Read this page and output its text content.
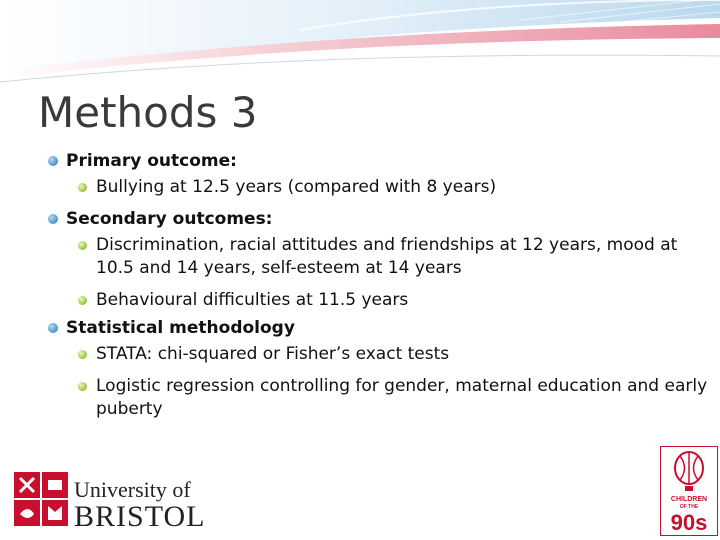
Methods 3
Primary outcome:
Bullying at 12.5 years (compared with 8 years)
Secondary outcomes:
Discrimination, racial attitudes and friendships at 12 years, mood at 10.5 and 14 years, self-esteem at 14 years
Behavioural difficulties at 11.5 years
Statistical methodology
STATA: chi-squared or Fisher’s exact tests
Logistic regression controlling for gender, maternal education and early puberty
University of
BRISTOL
CHILDREN
OF THE
90s
